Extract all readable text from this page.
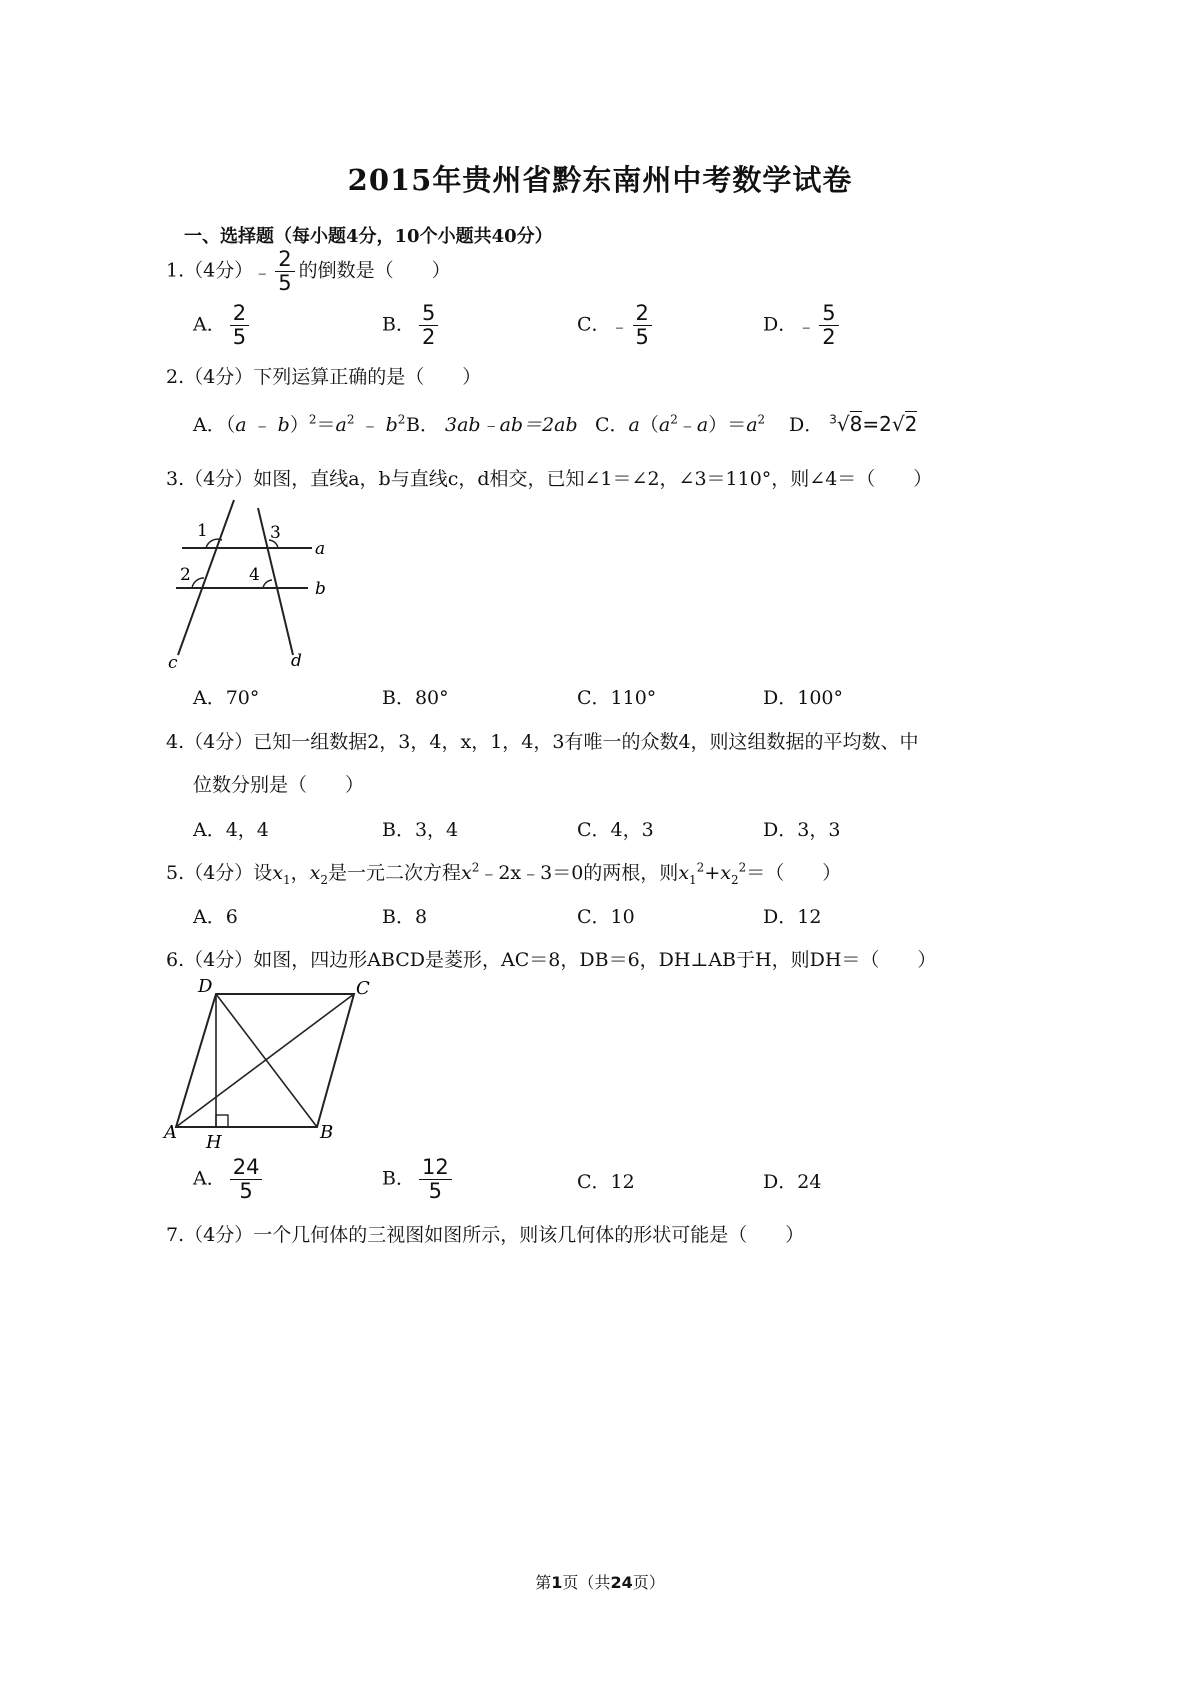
2015年贵州省黔东南州中考数学试卷
一、选择题（每小题4分，10个小题共40分）
1.（4分）﹣ $\frac{2}{5}$ 的倒数是（　　）
A． $\frac{2}{5}$	B． $\frac{5}{2}$	C．﹣ $\frac{2}{5}$	D．﹣ $\frac{5}{2}$
2.（4分）下列运算正确的是（　　）
A．（a ﹣ $b)^2=a^2$ ﹣ $b^2$ B． 3ab﹣ab＝2ab C．$a(a^2﹣a)=a^2$ D． $^3$√8=2√2
3.（4分）如图，直线a，b与直线c，d相交，已知∠1＝∠2，∠3＝110°，则∠4＝（　　）
1
2
3
4
a
b
c	d
A．70°	B．80°	C．110°	D．100°
4.（4分）已知一组数据2，3，4，x，1，4，3有唯一的众数4，则这组数据的平均数、中
位数分别是（　　）
A．4，4	B．3，4	C．4，3	D．3，3
5.（4分）设$x_1$，$x_2$是一元二次方程$x^2﹣2x﹣3=0$的两根，则$x_1^2+x_2^2=$（　　）
A．6	B．8	C．10	D．12
6.（4分）如图，四边形ABCD是菱形，AC＝8，DB＝6，DH⊥AB于H，则DH＝（　　）
D	C
A	B
H
A． $\frac{24}{5}$	B． $\frac{12}{5}$	C．12	D．24
7.（4分）一个几何体的三视图如图所示，则该几何体的形状可能是（　　）
第1页（共24页）
